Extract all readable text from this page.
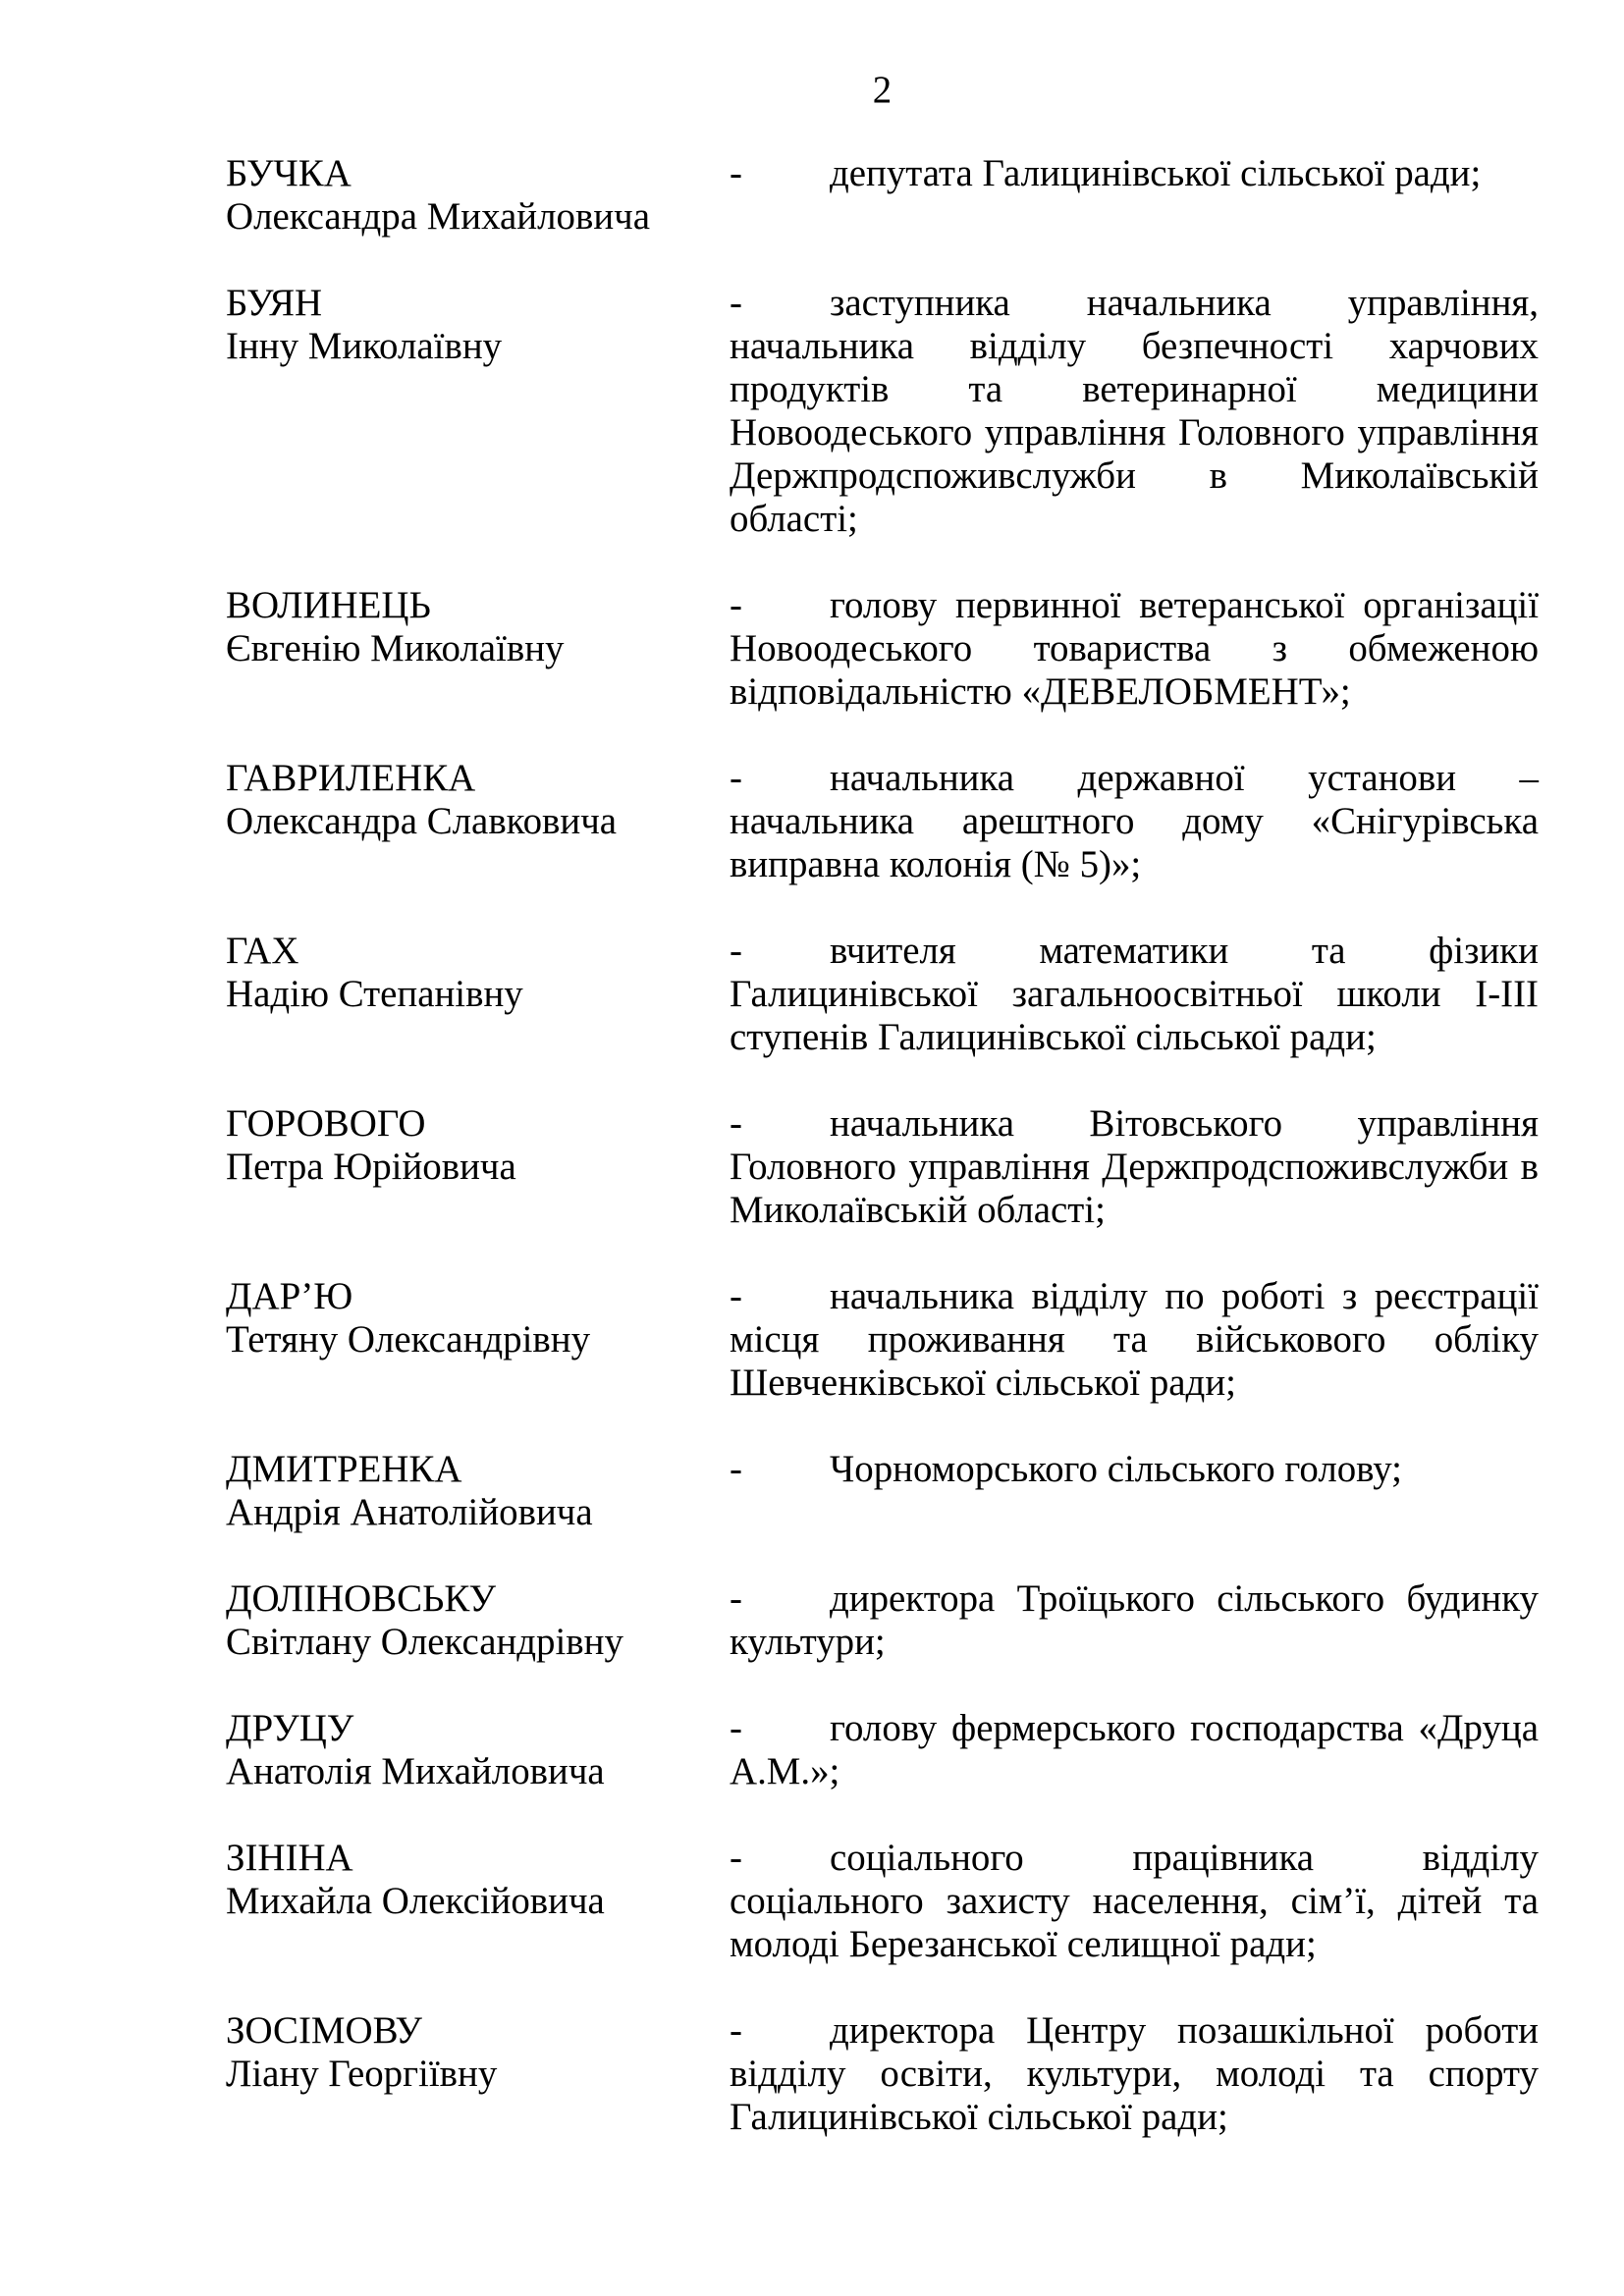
2
БУЧКА
Олександра Михайловича
- депутата Галицинівської сільської ради;
БУЯН
Інну Миколаївну
- заступника начальника управління, начальника відділу безпечності харчових продуктів та ветеринарної медицини Новоодеського управління Головного управління Держпродспоживслужби в Миколаївській області;
ВОЛИНЕЦЬ
Євгенію Миколаївну
- голову первинної ветеранської організації Новоодеського товариства з обмеженою відповідальністю «ДЕВЕЛОБМЕНТ»;
ГАВРИЛЕНКА
Олександра Славковича
- начальника державної установи – начальника арештного дому «Снігурівська виправна колонія (№ 5)»;
ГАХ
Надію Степанівну
- вчителя математики та фізики Галицинівської загальноосвітньої школи I-III ступенів Галицинівської сільської ради;
ГОРОВОГО
Петра Юрійовича
- начальника Вітовського управління Головного управління Держпродспоживслужби в Миколаївській області;
ДАР’Ю
Тетяну Олександрівну
- начальника відділу по роботі з реєстрації місця проживання та військового обліку Шевченківської сільської ради;
ДМИТРЕНКА
Андрія Анатолійовича
- Чорноморського сільського голову;
ДОЛІНОВСЬКУ
Світлану Олександрівну
- директора Троїцького сільського будинку культури;
ДРУЦУ
Анатолія Михайловича
- голову фермерського господарства «Друца А.М.»;
ЗІНІНА
Михайла Олексійовича
- соціального працівника відділу соціального захисту населення, сім’ї, дітей та молоді Березанської селищної ради;
ЗОСІМОВУ
Ліану Георгіївну
- директора Центру позашкільної роботи відділу освіти, культури, молоді та спорту Галицинівської сільської ради;
